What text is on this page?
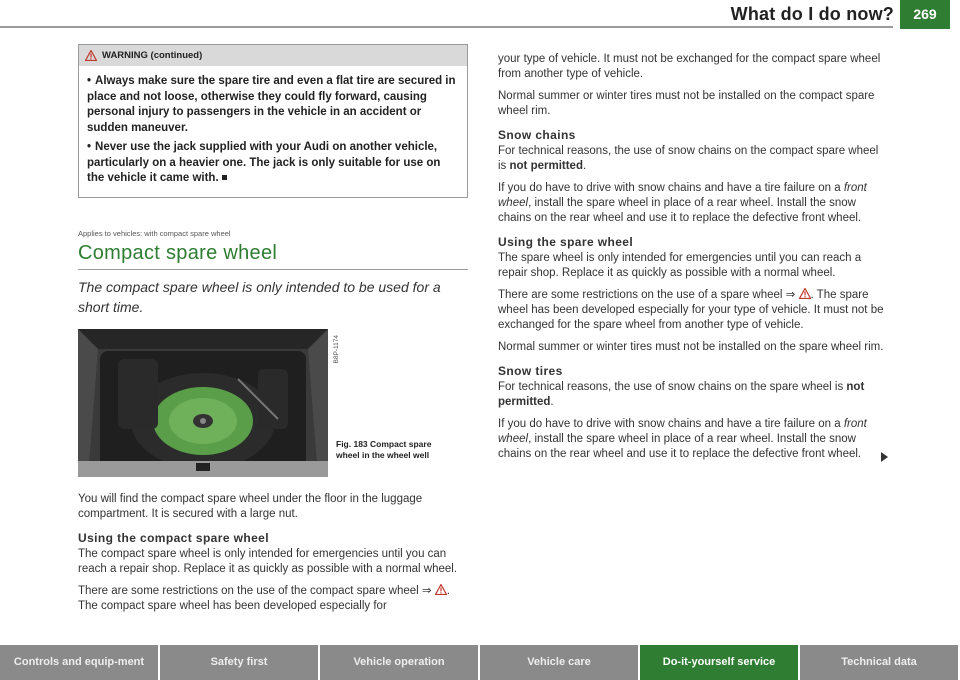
What do I do now?	269
WARNING (continued)

• Always make sure the spare tire and even a flat tire are secured in place and not loose, otherwise they could fly forward, causing personal injury to passengers in the vehicle in an accident or sudden maneuver.

• Never use the jack supplied with your Audi on another vehicle, particularly on a heavier one. The jack is only suitable for use on the vehicle it came with.

Applies to vehicles: with compact spare wheel
Compact spare wheel
The compact spare wheel is only intended to be used for a short time.
B8P-1174
Fig. 183 Compact spare wheel in the wheel well

You will find the compact spare wheel under the floor in the luggage compartment. It is secured with a large nut.

Using the compact spare wheel

The compact spare wheel is only intended for emergencies until you can reach a repair shop. Replace it as quickly as possible with a normal wheel.

There are some restrictions on the use of the compact spare wheel ⇒ . The compact spare wheel has been developed especially for

your type of vehicle. It must not be exchanged for the compact spare wheel from another type of vehicle.

Normal summer or winter tires must not be installed on the compact spare wheel rim.

Snow chains

For technical reasons, the use of snow chains on the compact spare wheel is not permitted.

If you do have to drive with snow chains and have a tire failure on a front wheel, install the spare wheel in place of a rear wheel. Install the snow chains on the rear wheel and use it to replace the defective front wheel.

Using the spare wheel

The spare wheel is only intended for emergencies until you can reach a repair shop. Replace it as quickly as possible with a normal wheel.

There are some restrictions on the use of a spare wheel ⇒ . The spare wheel has been developed especially for your type of vehicle. It must not be exchanged for the spare wheel from another type of vehicle.

Normal summer or winter tires must not be installed on the spare wheel rim.

Snow tires

For technical reasons, the use of snow chains on the spare wheel is not permitted.

If you do have to drive with snow chains and have a tire failure on a front wheel, install the spare wheel in place of a rear wheel. Install the snow chains on the rear wheel and use it to replace the defective front wheel.

Controls and equip-ment	Safety first	Vehicle operation	Vehicle care	Do-it-yourself service	Technical data
